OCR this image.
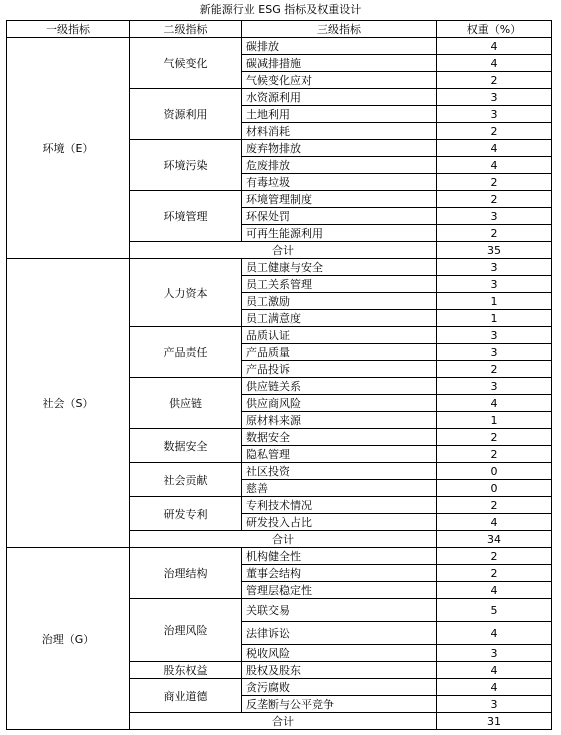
新能源行业 ESG 指标及权重设计
一级指标	二级指标	三级指标	权重（%）
环境（E）	气候变化	碳排放	4
		碳减排措施	4
		气候变化应对	2
	资源利用	水资源利用	3
		土地利用	3
		材料消耗	2
	环境污染	废弃物排放	4
		危废排放	4
		有毒垃圾	2
	环境管理	环境管理制度	2
		环保处罚	3
		可再生能源利用	2
	合计		35
社会（S）	人力资本	员工健康与安全	3
		员工关系管理	3
		员工激励	1
		员工满意度	1
	产品责任	品质认证	3
		产品质量	3
		产品投诉	2
	供应链	供应链关系	3
		供应商风险	4
		原材料来源	1
	数据安全	数据安全	2
		隐私管理	2
	社会贡献	社区投资	0
		慈善	0
	研发专利	专利技术情况	2
		研发投入占比	4
	合计		34
治理（G）	治理结构	机构健全性	2
		董事会结构	2
		管理层稳定性	4
	治理风险	关联交易	5
		法律诉讼	4
		税收风险	3
	股东权益	股权及股东	4
	商业道德	贪污腐败	4
		反垄断与公平竞争	3
	合计		31
